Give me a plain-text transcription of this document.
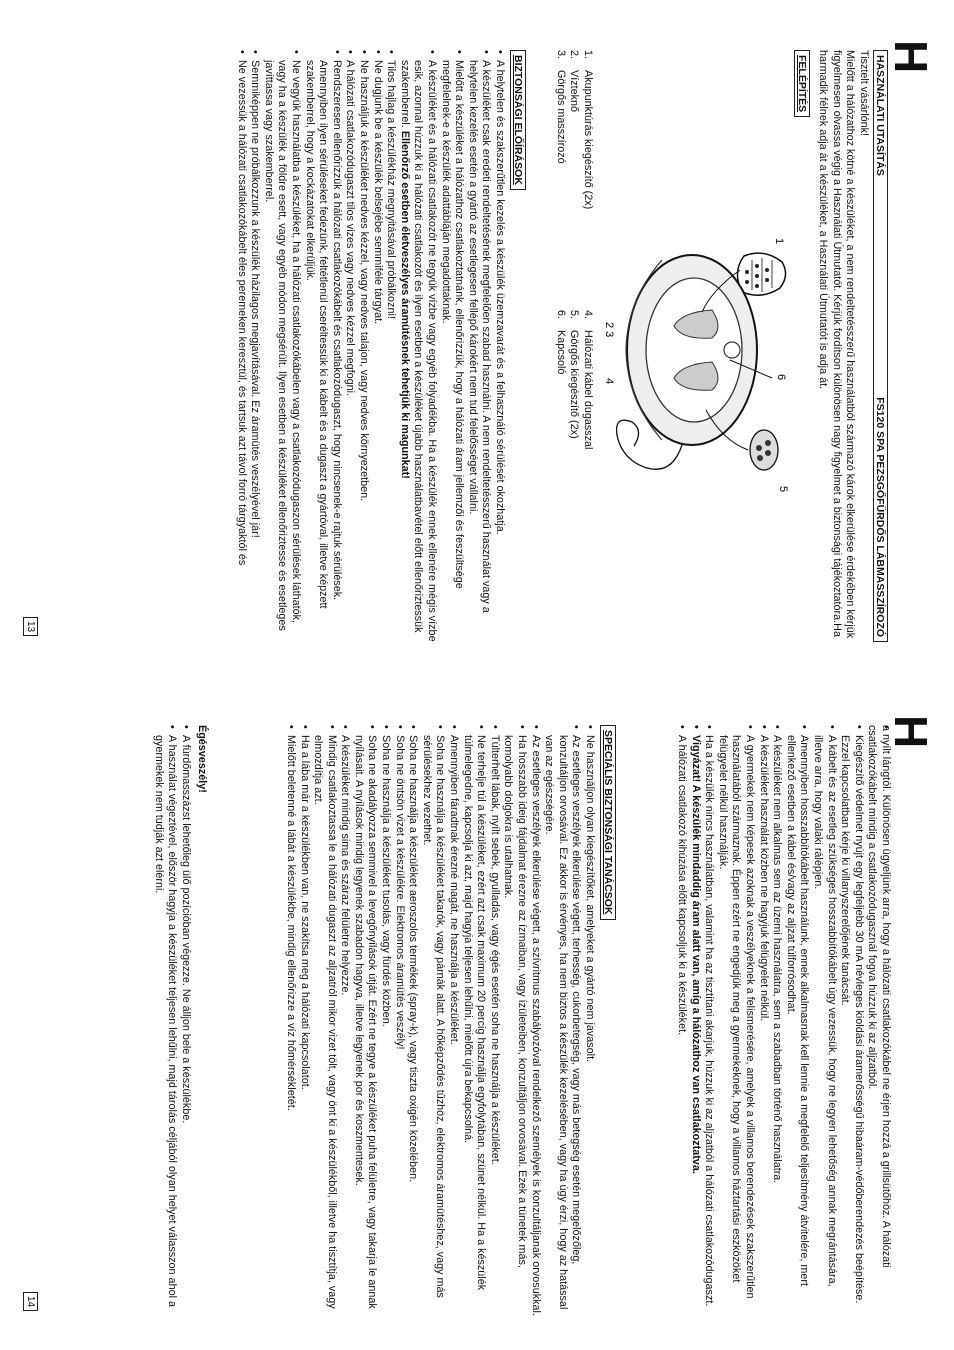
H
HASZNÁLATI UTASÍTÁS
FS120 SPA PEZSGŐFÜRDŐS LÁBMASSZÍROZÓ

Tisztelt vásárlónk!

Mielőtt a hálózathoz kötné a készüléket, a nem rendeltetésszerű használatból származó károk elkerülése érdekében kérjük figyelmesen olvassa végig a Használati Útmutatót. Kérjük fordítson különösen nagy figyelmet a biztonsági tájékoztatóra.Ha harmadik félnek adja át a készüléket, a Használati Útmutatót is adja át.

FELÉPÍTÉS
1
6
2 3
4
5
1.
Akupunktúrás kiegészítő (2x)
2.
Vízteknő
3.
Görgős masszírozó
4.
Hálózati kábel dugasszal
5.
Görgős kiegészítő (2x)
6.
Kapcsoló
BIZTONSÁGI ELŐÍRÁSOK
• A helytelen és szakszerűtlen kezelés a készülék üzemzavarát és a felhasználó sérülését okozhatja.
• A készüléket csak eredeti rendeltetésének megfelelően szabad használni. A nem rendeltetésszerű használat vagy a helytelen kezelés esetén a gyártó az esetlegesen fellépő károkért nem tud felelősséget vállalni.
• Mielőtt a készüléket a hálózathoz csatlakoztatnánk, ellenőrizzük, hogy a hálózati áram jellemzői és feszültsége megfelelnek-e a készülék adattábláján megadottaknak.
• A készüléket és a hálózati csatlakozót ne tegyük vízbe vagy egyéb folyadékba. Ha a készülék ennek ellenére mégis vízbe esik, azonnal húzzuk ki a hálózati csatlakozót és ilyen esetben a készüléket újabb használatbavétel előtt ellenőriztessük szakemberrel. Ellenőrző esetben életveszélyes áramütésnek tehetjük ki magunkat!
• Tilos hajlag a készülékház megnyitásával próbálkozni!
• Ne dugjunk be a készülék belsejébe semmiféle tárgyat.
• Ne használjuk a készüléket nedves kézzel, vagy nedves talajon, vagy nedves környezetben.
• A hálózati csatlakozódugaszt tilos vizes vagy nedves kézzel megfogni.
• Rendszeresen ellenőrizzük a hálózati csatlakozókábelt és csatlakozódugaszt, hogy nincsenek-e rajtuk sérülések. Amennyiben ilyen sérüléseket fedezünk, feltétlenül cseréltessük ki a kábelt és a dugaszt a gyártóval, illetve képzett szakemberrel, hogy a kockázatokat elkerüljük.
• Ne vegyük használatba a készüléket, ha a hálózati csatlakozókábelen vagy a csatlakozódugaszon sérülések láthatók, vagy ha a készülék a földre esett, vagy egyéb módon megsérült. Ilyen esetben a készüléket ellenőriztesse és esetleges javíttassa vagy szakemberrel.
• Semmiképpen ne próbálkozzunk a készülék házilagos megjavításával. Ez áramütés veszélyével jár!
• Ne vezessük a hálózati csatlakozókábelt éles peremeken keresztül, és tartsuk azt távol forró tárgyaktól és
13
H
• a nyílt lángtól. Különösen ügyeljünk arra, hogy a hálózati csatlakozókábel ne érjen hozzá a grillsütőhöz. A hálózati csatlakozókábelt mindig a csatlakozódugasznál fogva húzzuk ki az aljzatból.
• Kiegészítő védelmet nyújt egy legfeljebb 30 mA névleges kioldási áramerősségű hibaáram-védőberendezés beépítése. Ezzel kapcsolatban kérje ki villanyszerelőjének tanácsát.
• A kábelt és az esetleg szükséges hosszabbítókábelt úgy vezessük, hogy ne legyen lehetőség annak megrántására, illetve arra, hogy valaki rálépjen.
• Amennyiben hosszabbítókábelt használunk, ennek alkalmasnak kell lennie a megfelelő teljesítmény átvitelére, mert ellenkező esetben a kábel és/vagy az aljzat túlforrósodhat.
• A készüléket nem alkalmas sem az üzemi használatra, sem a szabadban történő használatra.
• A készüléket használat közben ne hagyjuk felügyelet nélkül.
• A gyermekek nem képesek azoknak a veszélyeknek a felismerésére, amelyek a villamos berendezések szakszerűtlen használatából származnak. Éppen ezért ne engedjük meg a gyermekeknek, hogy a villamos háztartási eszközöket felügyelet nélkül használják.
• Ha a készülék nincs használatban, valamint ha az tisztítani akarjuk, húzzuk ki az aljzatból a hálózati csatlakozódugaszt.
• Vigyázat! A készülék mindaddig áram alatt van, amíg a hálózathoz van csatlakoztatva.
• A hálózati csatlakozó kihúzása előtt kapcsoljuk ki a készüléket.
SPECIÁLIS BIZTONSÁGI TANÁCSOK
• Ne használjon olyan kiegészítőket, amelyeket a gyártó nem javasolt.
• Az esetleges veszélyek elkerülése végett, terhesség, cukorbetegség, vagy más betegség esetén megelőzőleg, konzultáljon orvosával. Ez akkor is érvényes, ha nem biztos a készülék kezelésében, vagy ha úgy érzi, hogy az hatással van az egészségére.
• Az esetleges veszélyek elkerülése végett, a szívritmus szabályozóval rendelkező személyek is konzultáljanak orvosukkal.
• Ha hosszabb ideig fájdalmat érezne az ízmaiban, vagy ízületeiben, konzultáljon orvosával. Ezek a tünetek más, komolyabb dolgokra is utalhatnak.
• Túlterhelt lábak, nyílt sebek, gyulladás, vagy égés esetén soha ne használja a készüléket.
• Ne terhelje túl a készüléket, ezért azt csak maximum 20 percig használja egyfolytában, szünet nélkül. Ha a készülék túlmelegedne, kapcsolja ki azt, majd hagyja teljesen lehűlni, mielőtt újra bekapcsolná.
• Amennyiben fáradtnak érezné magát, ne használja a készüléket.
• Soha ne használja a készüléket takarók, vagy párnák alatt. A hőképződés tűzhöz, elektromos áramütéshez, vagy más sérülésekhez vezethet.
• Soha ne használja a készüléket aeroszolos termékek (spray-k), vagy tiszta oxigén közelében.
• Soha ne öntsön vizet a készülékre. Elektromos áramütés veszély!
• Soha ne használja a készüléket tusolás, vagy fürdés közben.
• Soha ne akadályozza semmivel a levegőnyílások útját. Ezért ne tegye a készüléket puha felületre, vagy takarja le annak nyílásait. A nyílások mindig legyenek szabadon hagyva, illetve legyenek por és koszmentesek.
• A készüléket mindig sima és száraz felületre helyezze.
• Mindig csatlakoztassa le a hálózati dugaszt az aljzatról mikor vizet tölt, vagy önt ki a készülékből, illetve ha tisztítja, vagy elmozdítja azt.
• Ha a lába már a készülékben van, ne szakítsa meg a hálózati kapcsolatot.
• Mielőtt beletenné a lábát a készülékbe, mindig ellenőrizze a víz hőmérsékletét.
Égésveszély!
• A fürdőmasszázst lehetőleg ülő pozícióban végezze. Ne álljon bele a készülékbe.
• A használat végeztével, először hagyja a készüléket teljesen lehűlni, majd tárolás céljából olyan helyet válasszon ahol a gyermekek nem tudják azt elérni.
14
